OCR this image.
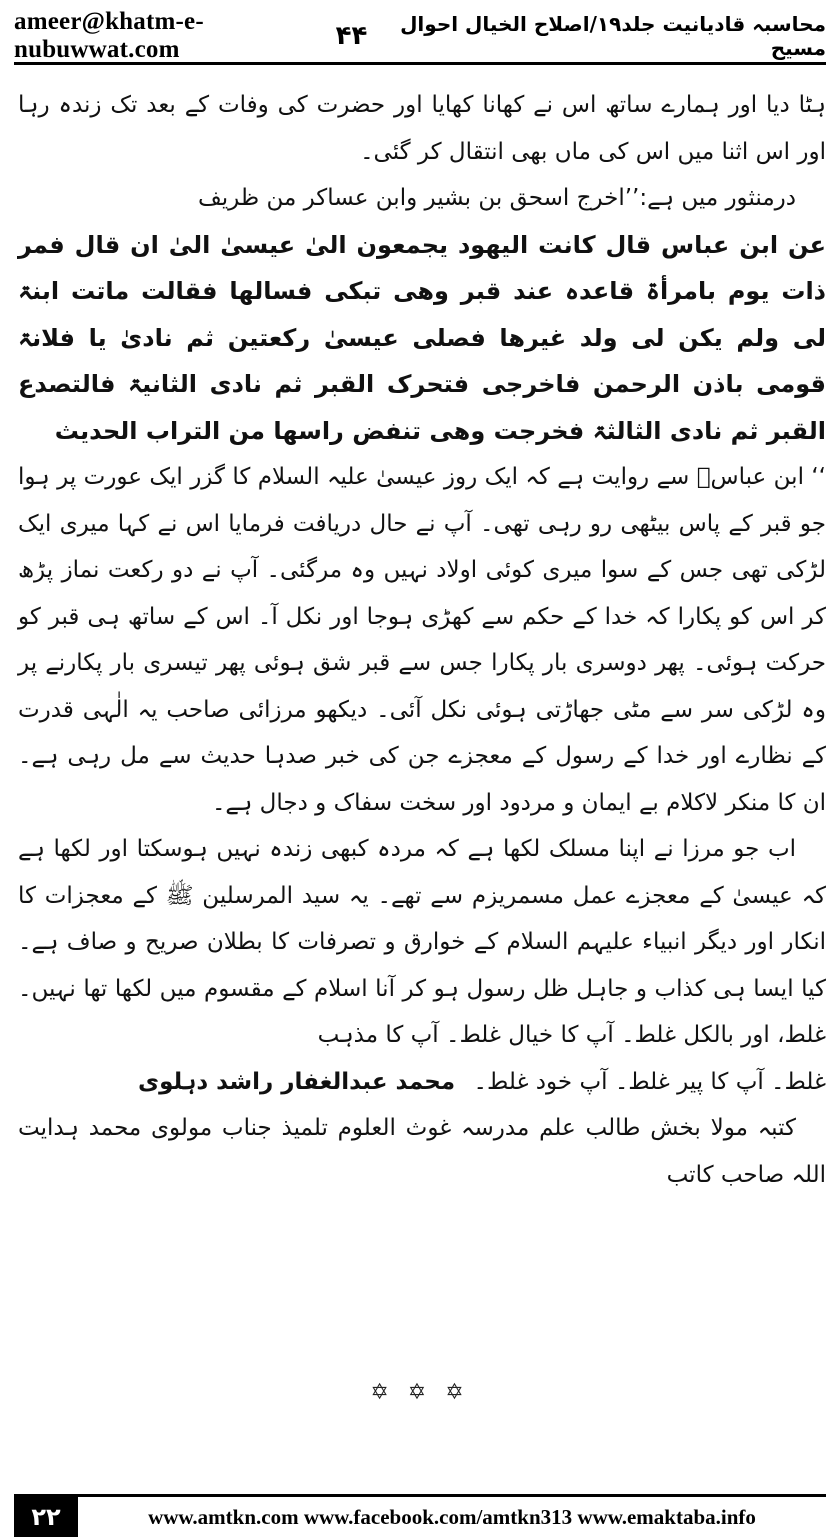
ameer@khatm-e-nubuwwat.com
محاسبہ قادیانیت جلد۱۹/اصلاح الخیال احوال مسیح
۴۴

ہٹا دیا اور ہمارے ساتھ اس نے کھانا کھایا اور حضرت کی وفات کے بعد تک زندہ رہا اور اس اثنا میں اس کی ماں بھی انتقال کر گئی۔

درمنثور میں ہے:’’اخرج اسحق بن بشیر وابن عساکر من ظریف

عن ابن عباس قال کانت الیھود یجمعون الیٰ عیسیٰ الیٰ ان قال فمر ذات یوم بامرأۃ قاعدہ عند قبر وھی تبکی فسالھا فقالت ماتت ابنۃ لی ولم یکن لی ولد غیرھا فصلی عیسیٰ رکعتین ثم نادیٰ یا فلانۃ قومی باذن الرحمن فاخرجی فتحرک القبر ثم نادی الثانیۃ فالتصدع القبر ثم نادی الثالثۃ فخرجت وھی تنفض راسھا من التراب الحدیث

‘‘ ابن عباسؓ سے روایت ہے کہ ایک روز عیسیٰ علیہ السلام کا گزر ایک عورت پر ہوا جو قبر کے پاس بیٹھی رو رہی تھی۔ آپ نے حال دریافت فرمایا اس نے کہا میری ایک لڑکی تھی جس کے سوا میری کوئی اولاد نہیں وہ مرگئی۔ آپ نے دو رکعت نماز پڑھ کر اس کو پکارا کہ خدا کے حکم سے کھڑی ہوجا اور نکل آ۔ اس کے ساتھ ہی قبر کو حرکت ہوئی۔ پھر دوسری بار پکارا جس سے قبر شق ہوئی پھر تیسری بار پکارنے پر وہ لڑکی سر سے مٹی جھاڑتی ہوئی نکل آئی۔ دیکھو مرزائی صاحب یہ الٰہی قدرت کے نظارے اور خدا کے رسول کے معجزے جن کی خبر صدہا حدیث سے مل رہی ہے۔ ان کا منکر لاکلام بے ایمان و مردود اور سخت سفاک و دجال ہے۔

اب جو مرزا نے اپنا مسلک لکھا ہے کہ مردہ کبھی زندہ نہیں ہوسکتا اور لکھا ہے کہ عیسیٰ کے معجزے عمل مسمریزم سے تھے۔ یہ سید المرسلین ﷺ کے معجزات کا انکار اور دیگر انبیاء علیہم السلام کے خوارق و تصرفات کا بطلان صریح و صاف ہے۔ کیا ایسا ہی کذاب و جاہل ظل رسول ہو کر آنا اسلام کے مقسوم میں لکھا تھا نہیں۔ غلط، اور بالکل غلط۔ آپ کا خیال غلط۔ آپ کا مذہب

غلط۔ آپ کا پیر غلط۔ آپ خود غلط۔
محمد عبدالغفار راشد دہلوی

کتبہ مولا بخش طالب علم مدرسہ غوث العلوم تلمیذ جناب مولوی محمد ہدایت اللہ صاحب کاتب

✡ ✡ ✡
۲۲	www.amtkn.com www.facebook.com/amtkn313 www.emaktaba.info
